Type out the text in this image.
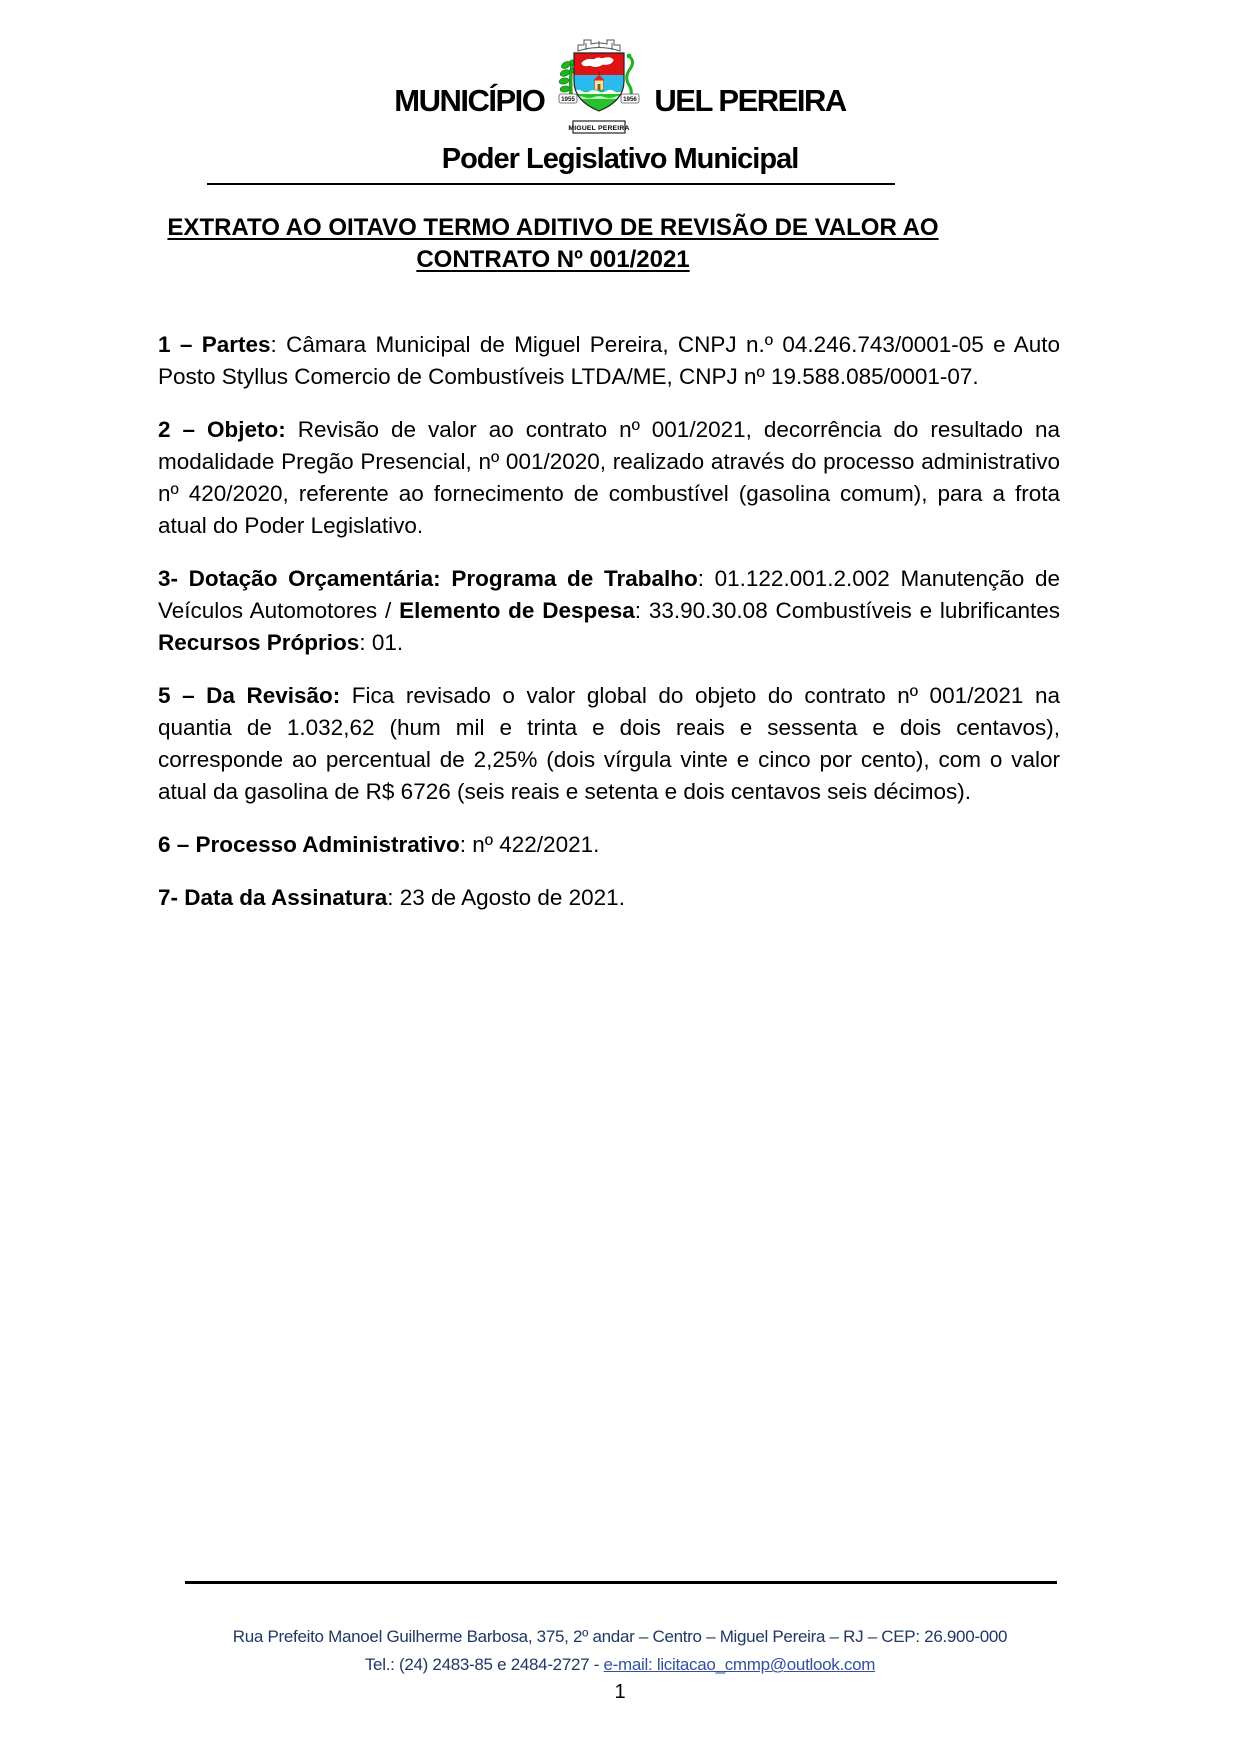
MUNICÍPIO	1955	1956
MIGUEL PEREIRA
UEL PEREIRA
Poder Legislativo Municipal
EXTRATO AO OITAVO TERMO ADITIVO DE REVISÃO DE VALOR AO
CONTRATO Nº 001/2021

1 – Partes: Câmara Municipal de Miguel Pereira, CNPJ n.º 04.246.743/0001-05 e Auto Posto Styllus Comercio de Combustíveis LTDA/ME, CNPJ nº 19.588.085/0001-07.

2 – Objeto: Revisão de valor ao contrato nº 001/2021, decorrência do resultado na modalidade Pregão Presencial, nº 001/2020, realizado através do processo administrativo nº 420/2020, referente ao fornecimento de combustível (gasolina comum), para a frota atual do Poder Legislativo.

3- Dotação Orçamentária: Programa de Trabalho: 01.122.001.2.002 Manutenção de Veículos Automotores / Elemento de Despesa: 33.90.30.08 Combustíveis e lubrificantes Recursos Próprios: 01.

5 – Da Revisão: Fica revisado o valor global do objeto do contrato nº 001/2021 na quantia de 1.032,62 (hum mil e trinta e dois reais e sessenta e dois centavos), corresponde ao percentual de 2,25% (dois vírgula vinte e cinco por cento), com o valor atual da gasolina de R$ 6726 (seis reais e setenta e dois centavos seis décimos).

6 – Processo Administrativo: nº 422/2021.

7- Data da Assinatura: 23 de Agosto de 2021.

Rua Prefeito Manoel Guilherme Barbosa, 375, 2º andar – Centro – Miguel Pereira – RJ – CEP: 26.900-000
Tel.: (24) 2483-85 e 2484-2727 - e-mail: licitacao_cmmp@outlook.com
1
